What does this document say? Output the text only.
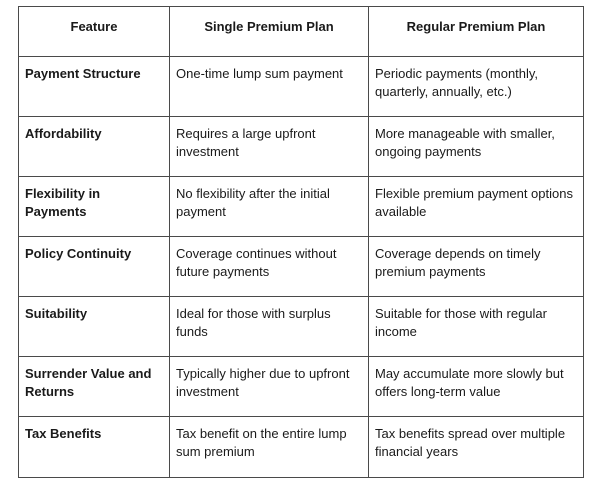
Feature	Single Premium Plan	Regular Premium Plan
Payment Structure	One-time lump sum payment	Periodic payments (monthly, quarterly, annually, etc.)
Affordability	Requires a large upfront investment	More manageable with smaller, ongoing payments
Flexibility in Payments	No flexibility after the initial payment	Flexible premium payment options available
Policy Continuity	Coverage continues without future payments	Coverage depends on timely premium payments
Suitability	Ideal for those with surplus funds	Suitable for those with regular income
Surrender Value and Returns	Typically higher due to upfront investment	May accumulate more slowly but offers long-term value
Tax Benefits	Tax benefit on the entire lump sum premium	Tax benefits spread over multiple financial years
